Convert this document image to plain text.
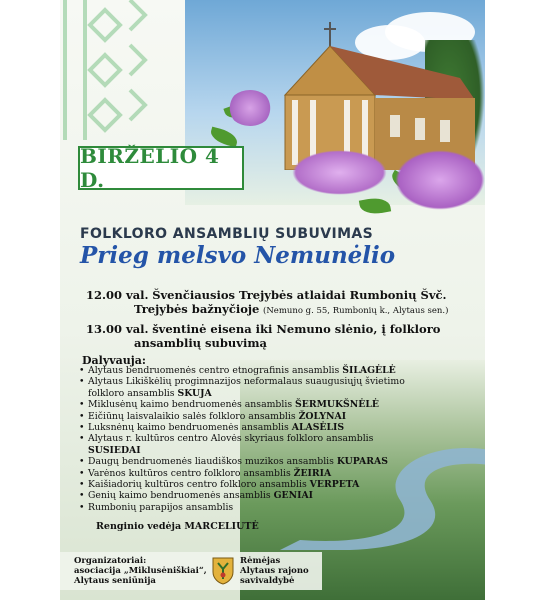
BIRŽELIO 4 D.
FOLKLORO ANSAMBLIŲ SUBUVIMAS
Prieg melsvo Nemunėlio
12.00 val. Švenčiausios Trejybės atlaidai Rumbonių Švč.
Trejybės bažnyčioje (Nemuno g. 55, Rumbonių k., Alytaus sen.)
13.00 val. šventinė eisena iki Nemuno slėnio, į folkloro
ansamblių subuvimą
Dalyvauja:
• Alytaus bendruomenės centro etnografinis ansamblis ŠILAGĖLĖ
• Alytaus Likiškėlių progimnazijos neformalaus suaugusiųjų švietimo
folkloro ansamblis SKUJA
• Miklusėnų kaimo bendruomenės ansamblis ŠERMUKŠNĖLĖ
• Eičiūnų laisvalaikio salės folkloro ansamblis ŽOLYNAI
• Luksnėnų kaimo bendruomenės ansamblis ALASĖLIS
• Alytaus r. kultūros centro Alovės skyriaus folkloro ansamblis SUSIEDAI
• Daugų bendruomenės liaudiškos muzikos ansamblis KUPARAS
• Varėnos kultūros centro folkloro ansamblis ŽEIRIA
• Kaišiadorių kultūros centro folkloro ansamblis VERPETA
• Genių kaimo bendruomenės ansamblis GENIAI
• Rumbonių parapijos ansamblis
Renginio vedėja MARCELIUTĖ
Organizatoriai:
asociacija „Miklusėniškiai“,
Alytaus seniūnija
Rėmėjas
Alytaus rajono
savivaldybė
